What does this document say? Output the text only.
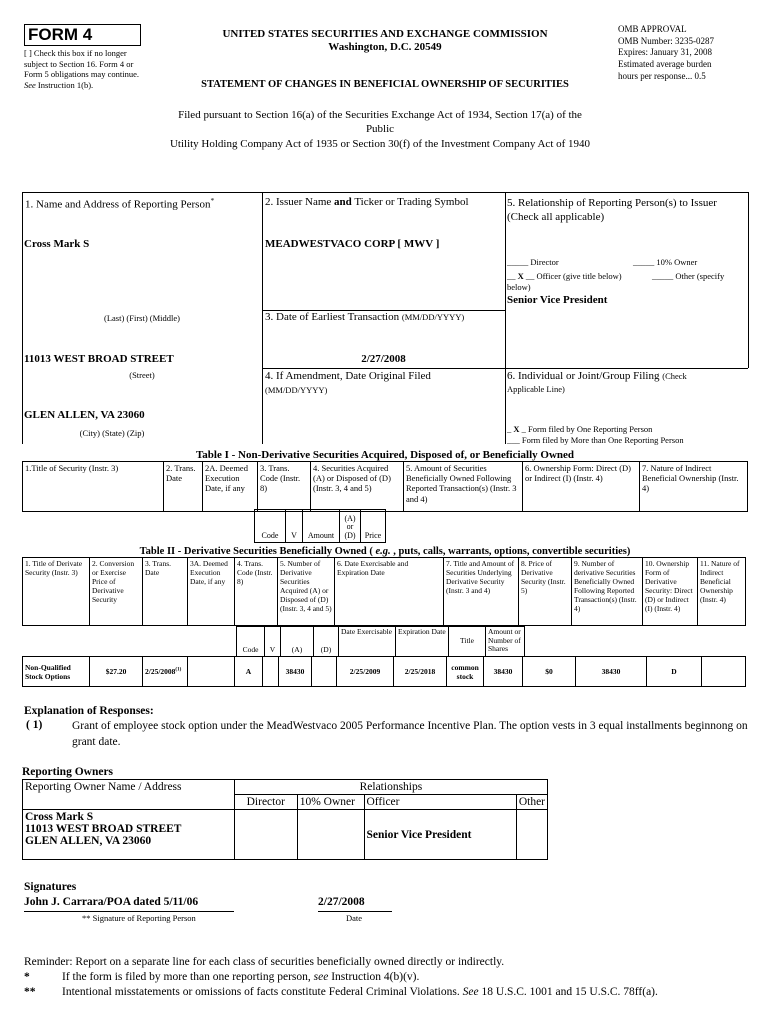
FORM 4
[ ] Check this box if no longer subject to Section 16. Form 4 or Form 5 obligations may continue. See Instruction 1(b).
UNITED STATES SECURITIES AND EXCHANGE COMMISSION
Washington, D.C. 20549
STATEMENT OF CHANGES IN BENEFICIAL OWNERSHIP OF SECURITIES
OMB APPROVAL
OMB Number: 3235-0287
Expires: January 31, 2008
Estimated average burden
hours per response... 0.5
Filed pursuant to Section 16(a) of the Securities Exchange Act of 1934, Section 17(a) of the
Public
Utility Holding Company Act of 1935 or Section 30(f) of the Investment Company Act of 1940
1. Name and Address of Reporting Person*
Cross Mark S
(Last) (First) (Middle)
11013 WEST BROAD STREET
(Street)
GLEN ALLEN, VA 23060
(City) (State) (Zip)
2. Issuer Name and Ticker or Trading Symbol
MEADWESTVACO CORP [ MWV ]
3. Date of Earliest Transaction (MM/DD/YYYY)
2/27/2008
4. If Amendment, Date Original Filed
(MM/DD/YYYY)
5. Relationship of Reporting Person(s) to Issuer
(Check all applicable)
_____ Director	_____ 10% Owner
__ X __ Officer (give title below)	_____ Other (specify
below)
Senior Vice President
6. Individual or Joint/Group Filing (Check
Applicable Line)
_ X _ Form filed by One Reporting Person
___ Form filed by More than One Reporting Person
Table I - Non-Derivative Securities Acquired, Disposed of, or Beneficially Owned
1.Title of Security (Instr. 3)	2. Trans. Date	2A. Deemed Execution Date, if any	3. Trans. Code (Instr. 8)	4. Securities Acquired (A) or Disposed of (D) (Instr. 3, 4 and 5)	5. Amount of Securities Beneficially Owned Following Reported Transaction(s) (Instr. 3 and 4)	6. Ownership Form: Direct (D) or Indirect (I) (Instr. 4)	7. Nature of Indirect Beneficial Ownership (Instr. 4)
Code	V	Amount	(A) or (D)	Price
Table II - Derivative Securities Beneficially Owned ( e.g. , puts, calls, warrants, options, convertible securities)
1. Title of Derivate Security (Instr. 3)	2. Conversion or Exercise Price of Derivative Security	3. Trans. Date	3A. Deemed Execution Date, if any	4. Trans. Code (Instr. 8)	5. Number of Derivative Securities Acquired (A) or Disposed of (D) (Instr. 3, 4 and 5)	6. Date Exercisable and Expiration Date	7. Title and Amount of Securities Underlying Derivative Security (Instr. 3 and 4)	8. Price of Derivative Security (Instr. 5)	9. Number of derivative Securities Beneficially Owned Following Reported Transaction(s) (Instr. 4)	10. Ownership Form of Derivative Security: Direct (D) or Indirect (I) (Instr. 4)	11. Nature of Indirect Beneficial Ownership (Instr. 4)
Code	V	(A)	(D)	Date Exercisable	Expiration Date	Title	Amount or Number of Shares
Non-Qualified Stock Options	$27.20	2/25/2008$^{(1)}$		A		38430		2/25/2009	2/25/2018	common stock	38430	$0	38430	D	
Explanation of Responses:
( 1)	Grant of employee stock option under the MeadWestvaco 2005 Performance Incentive Plan. The option vests in 3 equal installments beginnong on grant date.
Reporting Owners
Reporting Owner Name / Address	Relationships			
	Director	10% Owner	Officer	Other

Cross Mark S
11013 WEST BROAD STREET
GLEN ALLEN, VA 23060			Senior Vice President	
Signatures
John J. Carrara/POA dated 5/11/06	2/27/2008
** Signature of Reporting Person	Date
Reminder: Report on a separate line for each class of securities beneficially owned directly or indirectly.
*	If the form is filed by more than one reporting person, see Instruction 4(b)(v).
** Intentional misstatements or omissions of facts constitute Federal Criminal Violations. See 18 U.S.C. 1001 and 15 U.S.C. 78ff(a).
